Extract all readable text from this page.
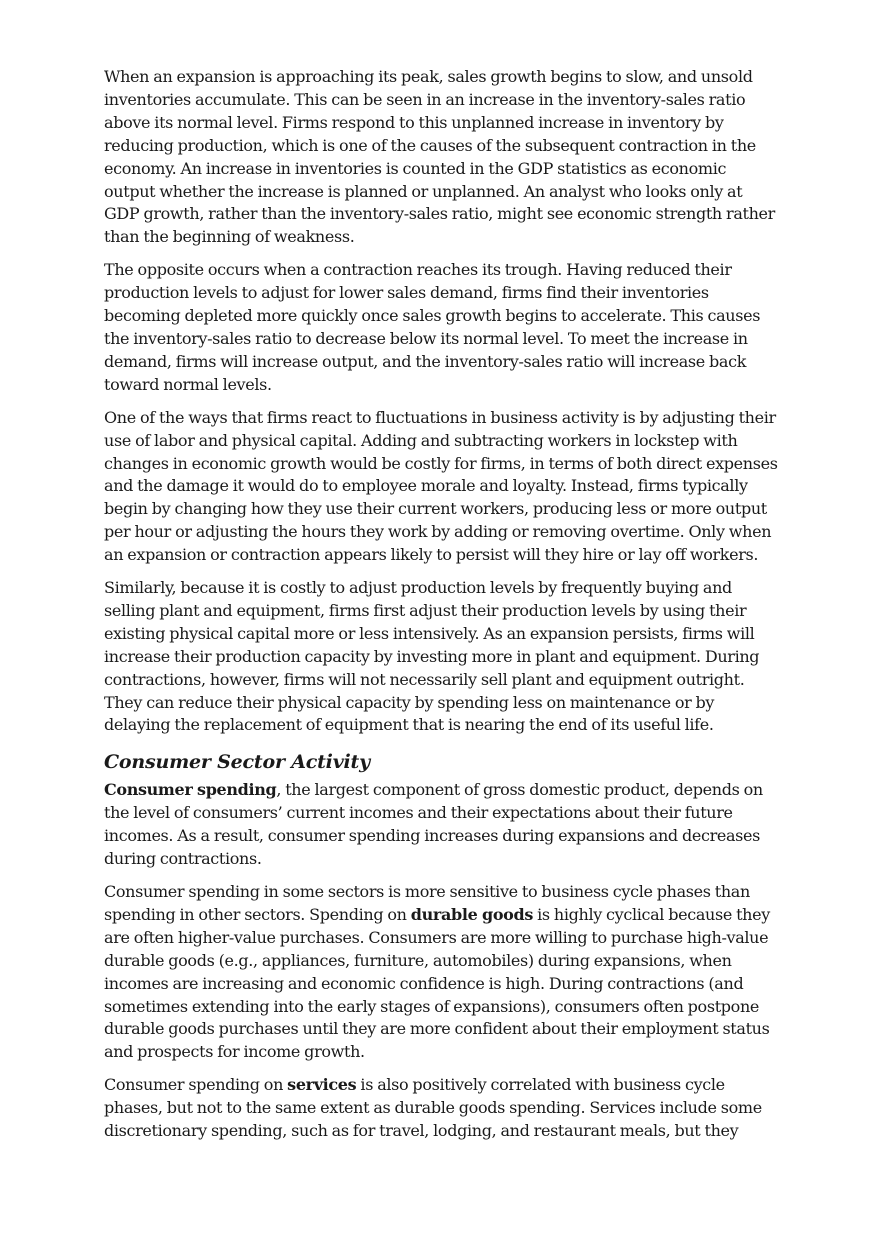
When an expansion is approaching its peak, sales growth begins to slow, and unsold inventories accumulate. This can be seen in an increase in the inventory-sales ratio above its normal level. Firms respond to this unplanned increase in inventory by reducing production, which is one of the causes of the subsequent contraction in the economy. An increase in inventories is counted in the GDP statistics as economic output whether the increase is planned or unplanned. An analyst who looks only at GDP growth, rather than the inventory-sales ratio, might see economic strength rather than the beginning of weakness.

The opposite occurs when a contraction reaches its trough. Having reduced their production levels to adjust for lower sales demand, firms find their inventories becoming depleted more quickly once sales growth begins to accelerate. This causes the inventory-sales ratio to decrease below its normal level. To meet the increase in demand, firms will increase output, and the inventory-sales ratio will increase back toward normal levels.

One of the ways that firms react to fluctuations in business activity is by adjusting their use of labor and physical capital. Adding and subtracting workers in lockstep with changes in economic growth would be costly for firms, in terms of both direct expenses and the damage it would do to employee morale and loyalty. Instead, firms typically begin by changing how they use their current workers, producing less or more output per hour or adjusting the hours they work by adding or removing overtime. Only when an expansion or contraction appears likely to persist will they hire or lay off workers.

Similarly, because it is costly to adjust production levels by frequently buying and selling plant and equipment, firms first adjust their production levels by using their existing physical capital more or less intensively. As an expansion persists, firms will increase their production capacity by investing more in plant and equipment. During contractions, however, firms will not necessarily sell plant and equipment outright. They can reduce their physical capacity by spending less on maintenance or by delaying the replacement of equipment that is nearing the end of its useful life.

Consumer Sector Activity

Consumer spending, the largest component of gross domestic product, depends on the level of consumers’ current incomes and their expectations about their future incomes. As a result, consumer spending increases during expansions and decreases during contractions.

Consumer spending in some sectors is more sensitive to business cycle phases than spending in other sectors. Spending on durable goods is highly cyclical because they are often higher-value purchases. Consumers are more willing to purchase high-value durable goods (e.g., appliances, furniture, automobiles) during expansions, when incomes are increasing and economic confidence is high. During contractions (and sometimes extending into the early stages of expansions), consumers often postpone durable goods purchases until they are more confident about their employment status and prospects for income growth.

Consumer spending on services is also positively correlated with business cycle phases, but not to the same extent as durable goods spending. Services include some discretionary spending, such as for travel, lodging, and restaurant meals, but they
